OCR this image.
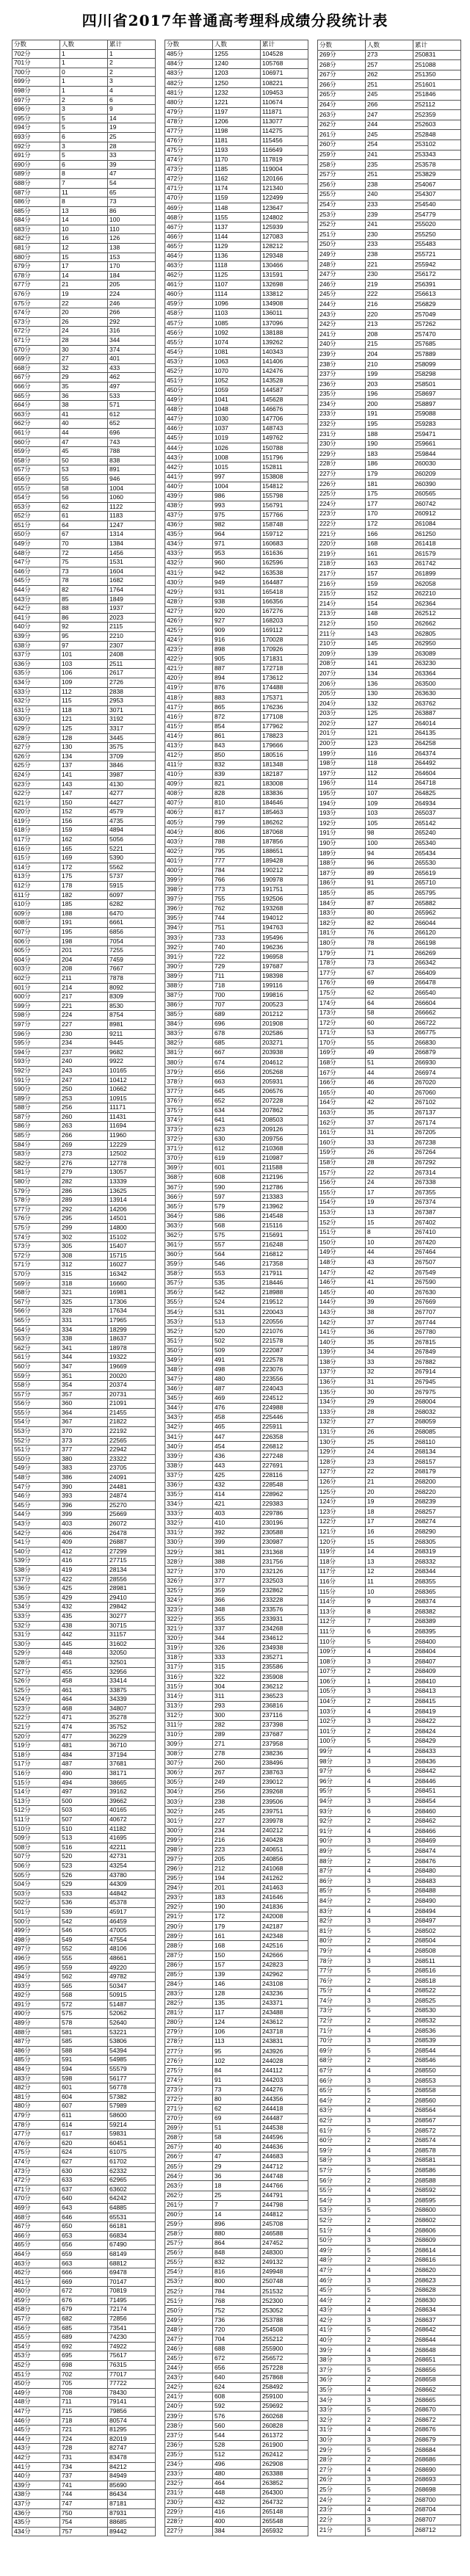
四川省2017年普通高考理科成绩分段统计表
分数	人数	累计
702分	1	1
701分	1	2
700分	0	2
699分	1	3
698分	1	4
697分	2	6
696分	3	9
695分	5	14
694分	5	19
693分	6	25
692分	3	28
691分	5	33
690分	6	39
689分	8	47
688分	7	54
687分	11	65
686分	8	73
685分	13	86
684分	14	100
683分	10	110
682分	16	126
681分	12	138
680分	15	153
679分	17	170
678分	14	184
677分	21	205
676分	19	224
675分	22	246
674分	20	266
673分	26	292
672分	24	316
671分	28	344
670分	30	374
669分	27	401
668分	32	433
667分	29	462
666分	35	497
665分	36	533
664分	38	571
663分	41	612
662分	40	652
661分	44	696
660分	47	743
659分	45	788
658分	50	838
657分	53	891
656分	55	946
655分	58	1004
654分	56	1060
653分	62	1122
652分	61	1183
651分	64	1247
650分	67	1314
649分	70	1384
648分	72	1456
647分	75	1531
646分	73	1604
645分	78	1682
644分	82	1764
643分	85	1849
642分	88	1937
641分	86	2023
640分	92	2115
639分	95	2210
638分	97	2307
637分	101	2408
636分	103	2511
635分	106	2617
634分	109	2726
633分	112	2838
632分	115	2953
631分	118	3071
630分	121	3192
629分	125	3317
628分	128	3445
627分	130	3575
626分	134	3709
625分	137	3846
624分	141	3987
623分	143	4130
622分	147	4277
621分	150	4427
620分	152	4579
619分	156	4735
618分	159	4894
617分	162	5056
616分	165	5221
615分	169	5390
614分	172	5562
613分	175	5737
612分	178	5915
611分	182	6097
610分	185	6282
609分	188	6470
608分	191	6661
607分	195	6856
606分	198	7054
605分	201	7255
604分	204	7459
603分	208	7667
602分	211	7878
601分	214	8092
600分	217	8309
599分	221	8530
598分	224	8754
597分	227	8981
596分	230	9211
595分	234	9445
594分	237	9682
593分	240	9922
592分	243	10165
591分	247	10412
590分	250	10662
589分	253	10915
588分	256	11171
587分	260	11431
586分	263	11694
585分	266	11960
584分	269	12229
583分	273	12502
582分	276	12778
581分	279	13057
580分	282	13339
579分	286	13625
578分	289	13914
577分	292	14206
576分	295	14501
575分	299	14800
574分	302	15102
573分	305	15407
572分	308	15715
571分	312	16027
570分	315	16342
569分	318	16660
568分	321	16981
567分	325	17306
566分	328	17634
565分	331	17965
564分	334	18299
563分	338	18637
562分	341	18978
561分	344	19322
560分	347	19669
559分	351	20020
558分	354	20374
557分	357	20731
556分	360	21091
555分	364	21455
554分	367	21822
553分	370	22192
552分	373	22565
551分	377	22942
550分	380	23322
549分	383	23705
548分	386	24091
547分	390	24481
546分	393	24874
545分	396	25270
544分	399	25669
543分	403	26072
542分	406	26478
541分	409	26887
540分	412	27299
539分	416	27715
538分	419	28134
537分	422	28556
536分	425	28981
535分	429	29410
534分	432	29842
533分	435	30277
532分	438	30715
531分	442	31157
530分	445	31602
529分	448	32050
528分	451	32501
527分	455	32956
526分	458	33414
525分	461	33875
524分	464	34339
523分	468	34807
522分	471	35278
521分	474	35752
520分	477	36229
519分	481	36710
518分	484	37194
517分	487	37681
516分	490	38171
515分	494	38665
514分	497	39162
513分	500	39662
512分	503	40165
511分	507	40672
510分	510	41182
509分	513	41695
508分	516	42211
507分	520	42731
506分	523	43254
505分	526	43780
504分	529	44309
503分	533	44842
502分	536	45378
501分	539	45917
500分	542	46459
499分	546	47005
498分	549	47554
497分	552	48106
496分	555	48661
495分	559	49220
494分	562	49782
493分	565	50347
492分	568	50915
491分	572	51487
490分	575	52062
489分	578	52640
488分	581	53221
487分	585	53806
486分	588	54394
485分	591	54985
484分	594	55579
483分	598	56177
482分	601	56778
481分	604	57382
480分	607	57989
479分	611	58600
478分	614	59214
477分	617	59831
476分	620	60451
475分	624	61075
474分	627	61702
473分	630	62332
472分	633	62965
471分	637	63602
470分	640	64242
469分	643	64885
468分	646	65531
467分	650	66181
466分	653	66834
465分	656	67490
464分	659	68149
463分	663	68812
462分	666	69478
461分	669	70147
460分	672	70819
459分	676	71495
458分	679	72174
457分	682	72856
456分	685	73541
455分	689	74230
454分	692	74922
453分	695	75617
452分	698	76315
451分	702	77017
450分	705	77722
449分	708	78430
448分	711	79141
447分	715	79856
446分	718	80574
445分	721	81295
444分	724	82019
443分	728	82747
442分	731	83478
441分	734	84212
440分	737	84949
439分	741	85690
438分	744	86434
437分	747	87181
436分	750	87931
435分	754	88685
434分	757	89442
分数	人数	累计
485分	1255	104528
484分	1240	105768
483分	1203	106971
482分	1250	108221
481分	1232	109453
480分	1221	110674
479分	1197	111871
478分	1206	113077
477分	1198	114275
476分	1181	115456
475分	1193	116649
474分	1170	117819
473分	1185	119004
472分	1162	120166
471分	1174	121340
470分	1159	122499
469分	1148	123647
468分	1155	124802
467分	1137	125939
466分	1144	127083
465分	1129	128212
464分	1136	129348
463分	1118	130466
462分	1125	131591
461分	1107	132698
460分	1114	133812
459分	1096	134908
458分	1103	136011
457分	1085	137096
456分	1092	138188
455分	1074	139262
454分	1081	140343
453分	1063	141406
452分	1070	142476
451分	1052	143528
450分	1059	144587
449分	1041	145628
448分	1048	146676
447分	1030	147706
446分	1037	148743
445分	1019	149762
444分	1026	150788
443分	1008	151796
442分	1015	152811
441分	997	153808
440分	1004	154812
439分	986	155798
438分	993	156791
437分	975	157766
436分	982	158748
435分	964	159712
434分	971	160683
433分	953	161636
432分	960	162596
431分	942	163538
430分	949	164487
429分	931	165418
428分	938	166356
427分	920	167276
426分	927	168203
425分	909	169112
424分	916	170028
423分	898	170926
422分	905	171831
421分	887	172718
420分	894	173612
419分	876	174488
418分	883	175371
417分	865	176236
416分	872	177108
415分	854	177962
414分	861	178823
413分	843	179666
412分	850	180516
411分	832	181348
410分	839	182187
409分	821	183008
408分	828	183836
407分	810	184646
406分	817	185463
405分	799	186262
404分	806	187068
403分	788	187856
402分	795	188651
401分	777	189428
400分	784	190212
399分	766	190978
398分	773	191751
397分	755	192506
396分	762	193268
395分	744	194012
394分	751	194763
393分	733	195496
392分	740	196236
391分	722	196958
390分	729	197687
389分	711	198398
388分	718	199116
387分	700	199816
386分	707	200523
385分	689	201212
384分	696	201908
383分	678	202586
382分	685	203271
381分	667	203938
380分	674	204612
379分	656	205268
378分	663	205931
377分	645	206576
376分	652	207228
375分	634	207862
374分	641	208503
373分	623	209126
372分	630	209756
371分	612	210368
370分	619	210987
369分	601	211588
368分	608	212196
367分	590	212786
366分	597	213383
365分	579	213962
364分	586	214548
363分	568	215116
362分	575	215691
361分	557	216248
360分	564	216812
359分	546	217358
358分	553	217911
357分	535	218446
356分	542	218988
355分	524	219512
354分	531	220043
353分	513	220556
352分	520	221076
351分	502	221578
350分	509	222087
349分	491	222578
348分	498	223076
347分	480	223556
346分	487	224043
345分	469	224512
344分	476	224988
343分	458	225446
342分	465	225911
341分	447	226358
340分	454	226812
339分	436	227248
338分	443	227691
337分	425	228116
336分	432	228548
335分	414	228962
334分	421	229383
333分	403	229786
332分	410	230196
331分	392	230588
330分	399	230987
329分	381	231368
328分	388	231756
327分	370	232126
326分	377	232503
325分	359	232862
324分	366	233228
323分	348	233576
322分	355	233931
321分	337	234268
320分	344	234612
319分	326	234938
318分	333	235271
317分	315	235586
316分	322	235908
315分	304	236212
314分	311	236523
313分	293	236816
312分	300	237116
311分	282	237398
310分	289	237687
309分	271	237958
308分	278	238236
307分	260	238496
306分	267	238763
305分	249	239012
304分	256	239268
303分	238	239506
302分	245	239751
301分	227	239978
300分	234	240212
299分	216	240428
298分	223	240651
297分	205	240856
296分	212	241068
295分	194	241262
294分	201	241463
293分	183	241646
292分	190	241836
291分	172	242008
290分	179	242187
289分	161	242348
288分	168	242516
287分	150	242666
286分	157	242823
285分	139	242962
284分	146	243108
283分	128	243236
282分	135	243371
281分	117	243488
280分	124	243612
279分	106	243718
278分	113	243831
277分	95	243926
276分	102	244028
275分	84	244112
274分	91	244203
273分	73	244276
272分	80	244356
271分	62	244418
270分	69	244487
269分	51	244538
268分	58	244596
267分	40	244636
266分	47	244683
265分	29	244712
264分	36	244748
263分	18	244766
262分	25	244791
261分	7	244798
260分	14	244812
259分	896	245708
258分	880	246588
257分	864	247452
256分	848	248300
255分	832	249132
254分	816	249948
253分	800	250748
252分	784	251532
251分	768	252300
250分	752	253052
249分	736	253788
248分	720	254508
247分	704	255212
246分	688	255900
245分	672	256572
244分	656	257228
243分	640	257868
242分	624	258492
241分	608	259100
240分	592	259692
239分	576	260268
238分	560	260828
237分	544	261372
236分	528	261900
235分	512	262412
234分	496	262908
233分	480	263388
232分	464	263852
231分	448	264300
230分	432	264732
229分	416	265148
228分	400	265548
227分	384	265932
分数	人数	累计
269分	273	250831
268分	257	251088
267分	262	251350
266分	251	251601
265分	245	251846
264分	266	252112
263分	247	252359
262分	244	252603
261分	245	252848
260分	254	253102
259分	241	253343
258分	235	253578
257分	251	253829
256分	238	254067
255分	240	254307
254分	233	254540
253分	239	254779
252分	241	255020
251分	230	255250
250分	233	255483
249分	238	255721
248分	221	255942
247分	230	256172
246分	219	256391
245分	222	256613
244分	216	256829
243分	220	257049
242分	213	257262
241分	208	257470
240分	215	257685
239分	204	257889
238分	210	258099
237分	199	258298
236分	203	258501
235分	196	258697
234分	200	258897
233分	191	259088
232分	195	259283
231分	188	259471
230分	190	259661
229分	183	259844
228分	186	260030
227分	179	260209
226分	181	260390
225分	175	260565
224分	177	260742
223分	170	260912
222分	172	261084
221分	166	261250
220分	168	261418
219分	161	261579
218分	163	261742
217分	157	261899
216分	159	262058
215分	152	262210
214分	154	262364
213分	148	262512
212分	150	262662
211分	143	262805
210分	145	262950
209分	139	263089
208分	141	263230
207分	134	263364
206分	136	263500
205分	130	263630
204分	132	263762
203分	125	263887
202分	127	264014
201分	121	264135
200分	123	264258
199分	116	264374
198分	118	264492
197分	112	264604
196分	114	264718
195分	107	264825
194分	109	264934
193分	103	265037
192分	105	265142
191分	98	265240
190分	100	265340
189分	94	265434
188分	96	265530
187分	89	265619
186分	91	265710
185分	85	265795
184分	87	265882
183分	80	265962
182分	82	266044
181分	76	266120
180分	78	266198
179分	71	266269
178分	73	266342
177分	67	266409
176分	69	266478
175分	62	266540
174分	64	266604
173分	58	266662
172分	60	266722
171分	53	266775
170分	55	266830
169分	49	266879
168分	51	266930
167分	44	266974
166分	46	267020
165分	40	267060
164分	42	267102
163分	35	267137
162分	37	267174
161分	31	267205
160分	33	267238
159分	26	267264
158分	28	267292
157分	22	267314
156分	24	267338
155分	17	267355
154分	19	267374
153分	13	267387
152分	15	267402
151分	8	267410
150分	10	267420
149分	44	267464
148分	43	267507
147分	42	267549
146分	41	267590
145分	40	267630
144分	39	267669
143分	38	267707
142分	37	267744
141分	36	267780
140分	35	267815
139分	34	267849
138分	33	267882
137分	32	267914
136分	31	267945
135分	30	267975
134分	29	268004
133分	28	268032
132分	27	268059
131分	26	268085
130分	25	268110
129分	24	268134
128分	23	268157
127分	22	268179
126分	21	268200
125分	20	268220
124分	19	268239
123分	18	268257
122分	17	268274
121分	16	268290
120分	15	268305
119分	14	268319
118分	13	268332
117分	12	268344
116分	11	268355
115分	10	268365
114分	9	268374
113分	8	268382
112分	7	268389
111分	6	268395
110分	5	268400
109分	4	268404
108分	3	268407
107分	2	268409
106分	1	268410
105分	3	268413
104分	2	268415
103分	4	268419
102分	3	268422
101分	2	268424
100分	5	268429
99分	4	268433
98分	3	268436
97分	6	268442
96分	4	268446
95分	5	268451
94分	3	268454
93分	6	268460
92分	2	268462
91分	4	268466
90分	3	268469
89分	5	268474
88分	2	268476
87分	4	268480
86分	3	268483
85分	5	268488
84分	2	268490
83分	4	268494
82分	3	268497
81分	5	268502
80分	2	268504
79分	4	268508
78分	3	268511
77分	5	268516
76分	2	268518
75分	4	268522
74分	3	268525
73分	5	268530
72分	2	268532
71分	4	268536
70分	3	268539
69分	5	268544
68分	2	268546
67分	4	268550
66分	3	268553
65分	5	268558
64分	2	268560
63分	4	268564
62分	3	268567
61分	5	268572
60分	2	268574
59分	4	268578
58分	3	268581
57分	5	268586
56分	2	268588
55分	4	268592
54分	3	268595
53分	5	268600
52分	2	268602
51分	4	268606
50分	3	268609
49分	5	268614
48分	2	268616
47分	4	268620
46分	3	268623
45分	5	268628
44分	2	268630
43分	4	268634
42分	3	268637
41分	5	268642
40分	2	268644
39分	4	268648
38分	3	268651
37分	5	268656
36分	2	268658
35分	4	268662
34分	3	268665
33分	5	268670
32分	2	268672
31分	4	268676
30分	3	268679
29分	5	268684
28分	2	268686
27分	4	268690
26分	3	268693
25分	5	268698
24分	2	268700
23分	4	268704
22分	3	268707
21分	5	268712
